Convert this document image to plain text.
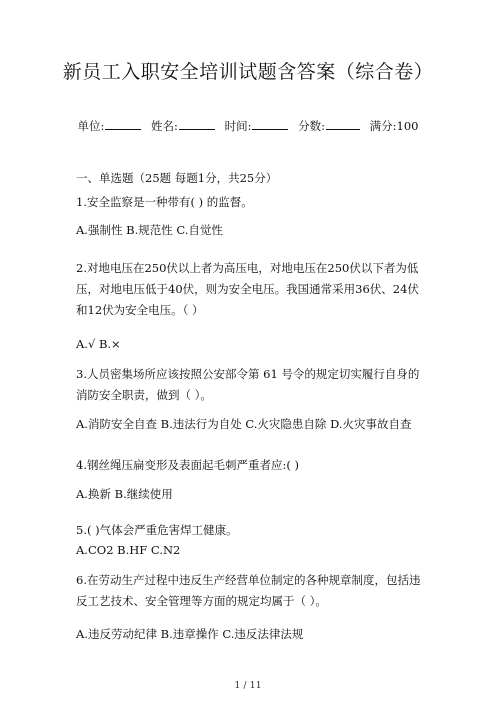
新员工入职安全培训试题含答案（综合卷）
单位:	姓名:	时间:	分数:	满分:100
一、单选题（25题 每题1分，共25分）
1.安全监察是一种带有( ) 的监督。
A.强制性 B.规范性 C.自觉性
2.对地电压在250伏以上者为高压电，对地电压在250伏以下者为低压，对地电压低于40伏，则为安全电压。我国通常采用36伏、24伏和12伏为安全电压。（ ）
A.√ B.×
3.人员密集场所应该按照公安部令第 61 号令的规定切实履行自身的消防安全职责，做到（ ）。
A.消防安全自查 B.违法行为自处 C.火灾隐患自除 D.火灾事故自查
4.钢丝绳压扁变形及表面起毛刺严重者应:( )
A.换新 B.继续使用
5.( )气体会严重危害焊工健康。
A.CO2 B.HF C.N2
6.在劳动生产过程中违反生产经营单位制定的各种规章制度，包括违反工艺技术、安全管理等方面的规定均属于（ ）。
A.违反劳动纪律 B.违章操作 C.违反法律法规
1 / 11
